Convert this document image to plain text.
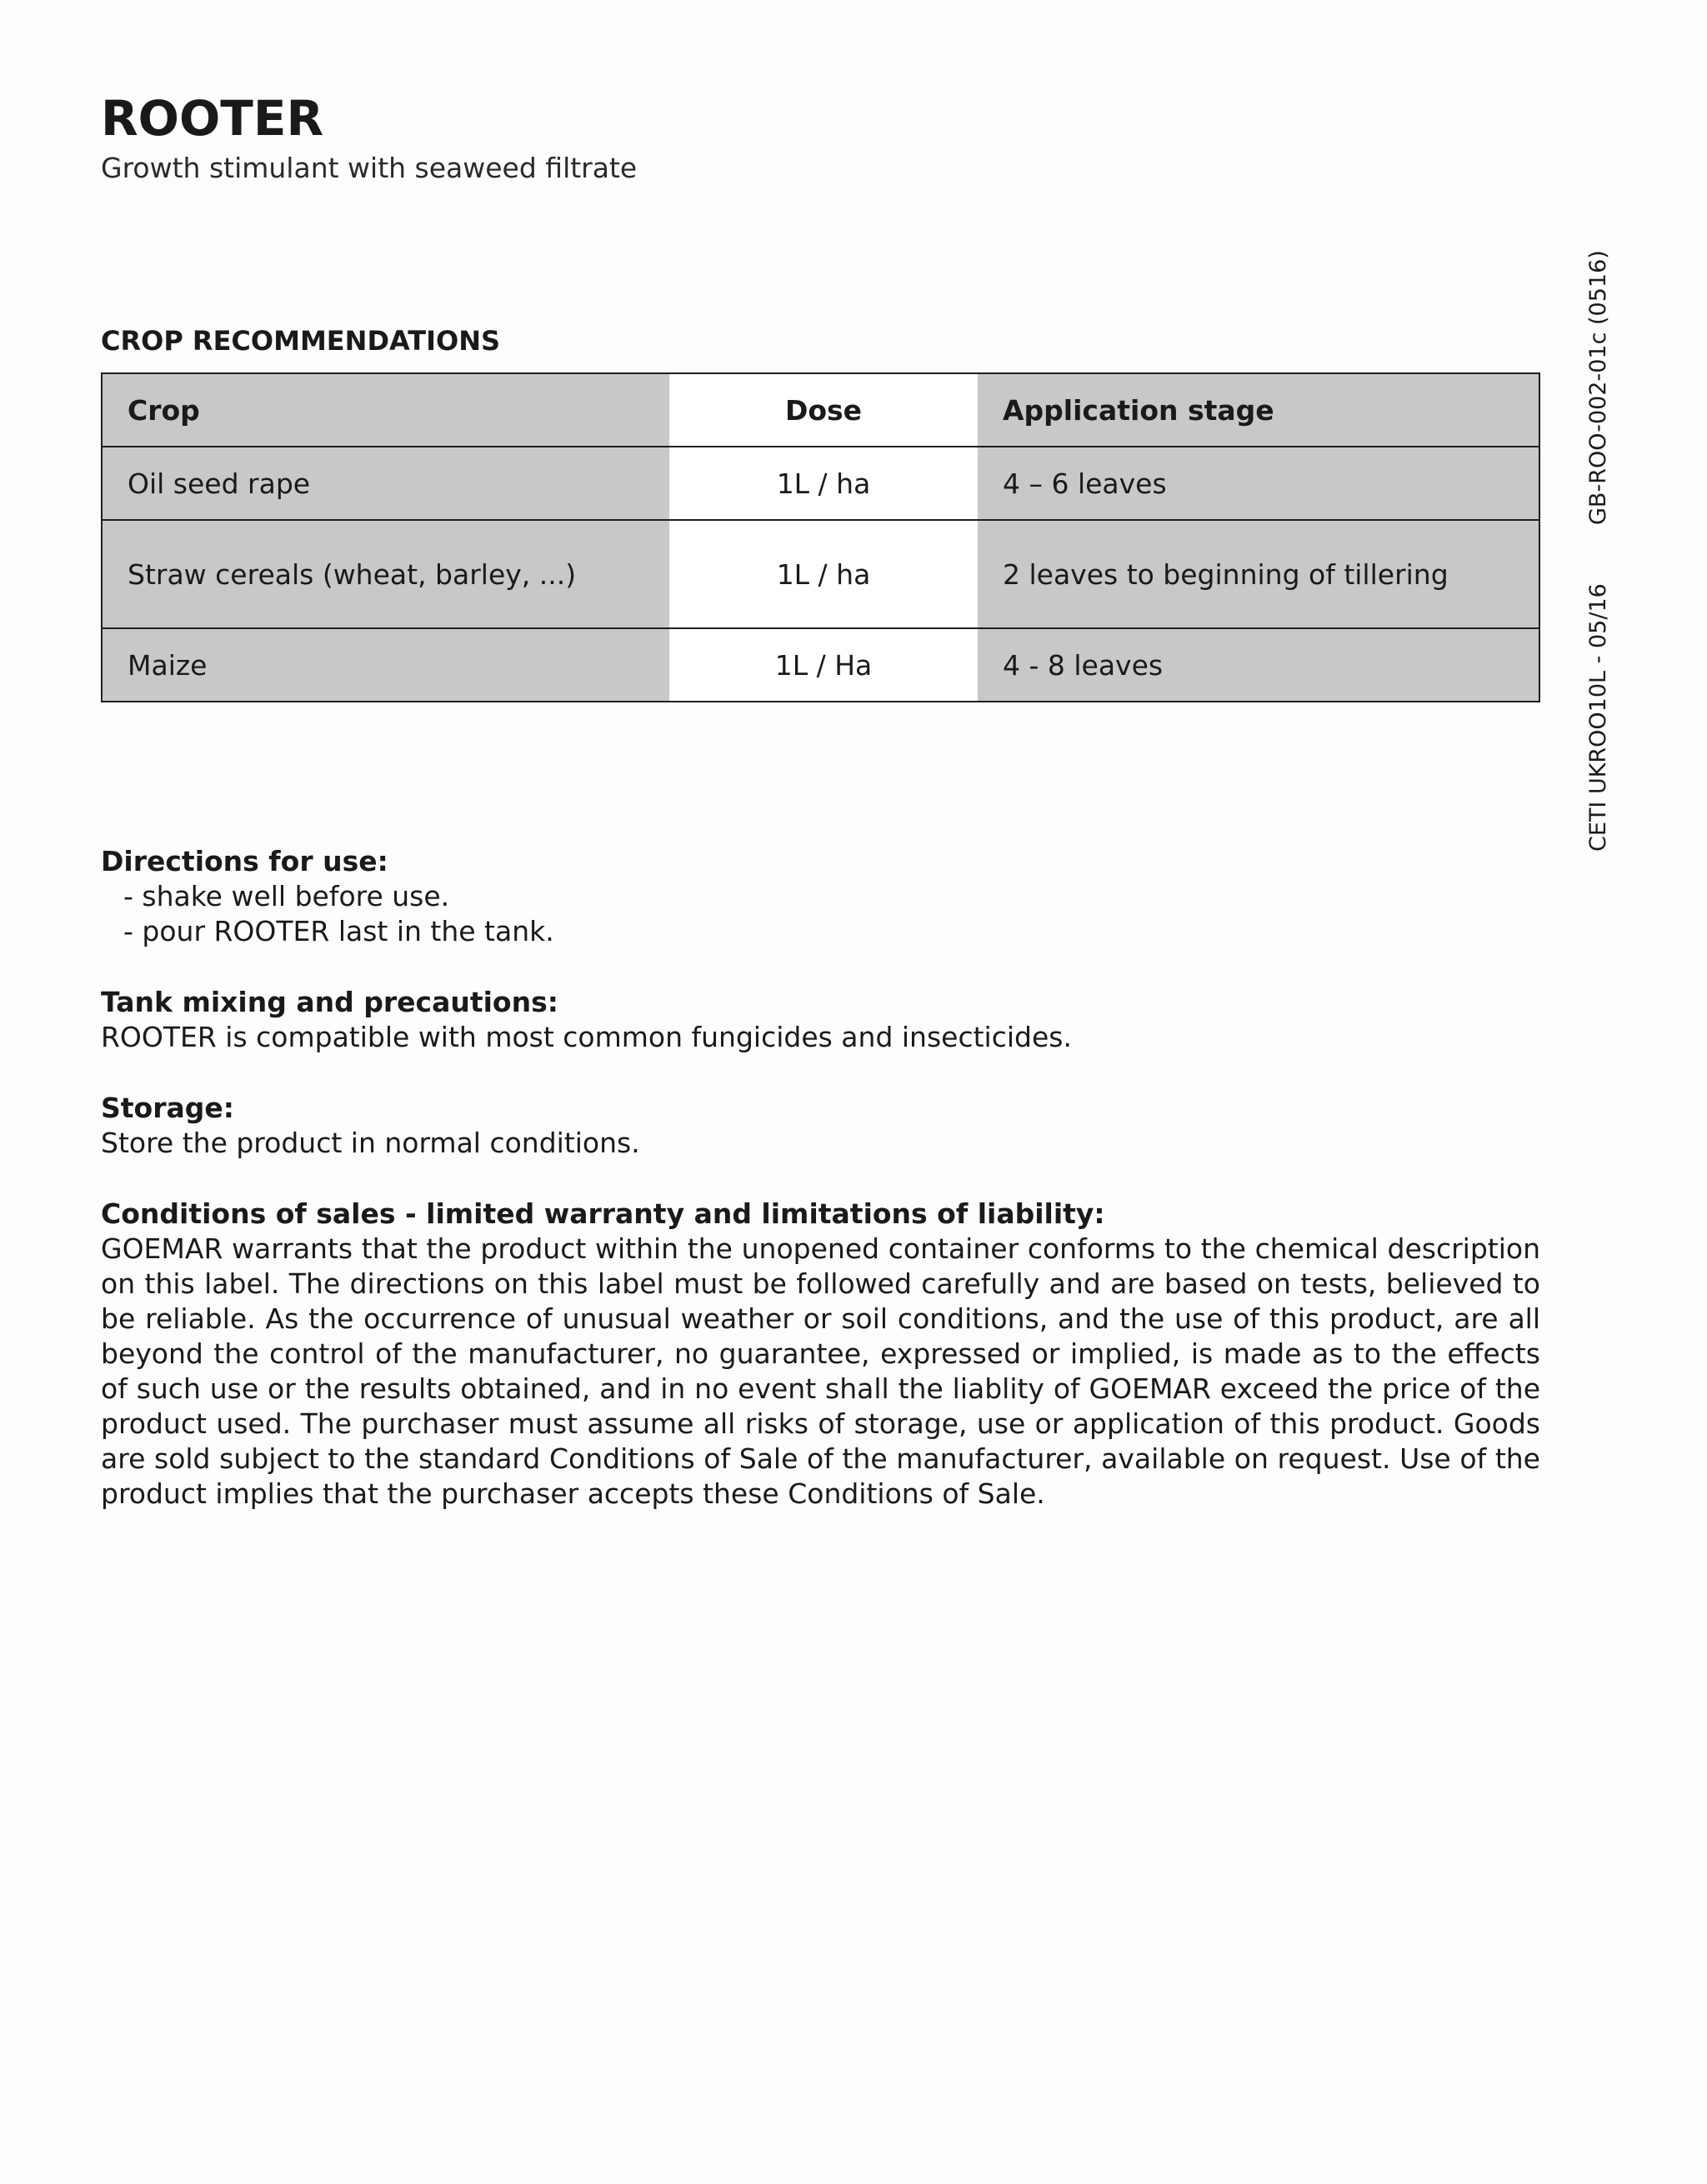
ROOTER
Growth stimulant with seaweed filtrate
CROP RECOMMENDATIONS
Crop	Dose	Application stage
Oil seed rape	1L / ha	4 – 6 leaves
Straw cereals (wheat, barley, ...)	1L / ha	2 leaves to beginning of tillering
Maize	1L / Ha	4 - 8 leaves
Directions for use:

- shake well before use.

- pour ROOTER last in the tank.

Tank mixing and precautions:

ROOTER is compatible with most common fungicides and insecticides.

Storage:

Store the product in normal conditions.

Conditions of sales - limited warranty and limitations of liability:

GOEMAR warrants that the product within the unopened container conforms to the chemical description on this label. The directions on this label must be followed carefully and are based on tests, believed to be reliable. As the occurrence of unusual weather or soil conditions, and the use of this product, are all beyond the control of the manufacturer, no guarantee, expressed or implied, is made as to the effects of such use or the results obtained, and in no event shall the liablity of GOEMAR exceed the price of the product used. The purchaser must assume all risks of storage, use or application of this product. Goods are sold subject to the standard Conditions of Sale of the manufacturer, available on request. Use of the product implies that the purchaser accepts these Conditions of Sale.

GB-ROO-002-01c (0516)
CETI UKROO10L - 05/16
